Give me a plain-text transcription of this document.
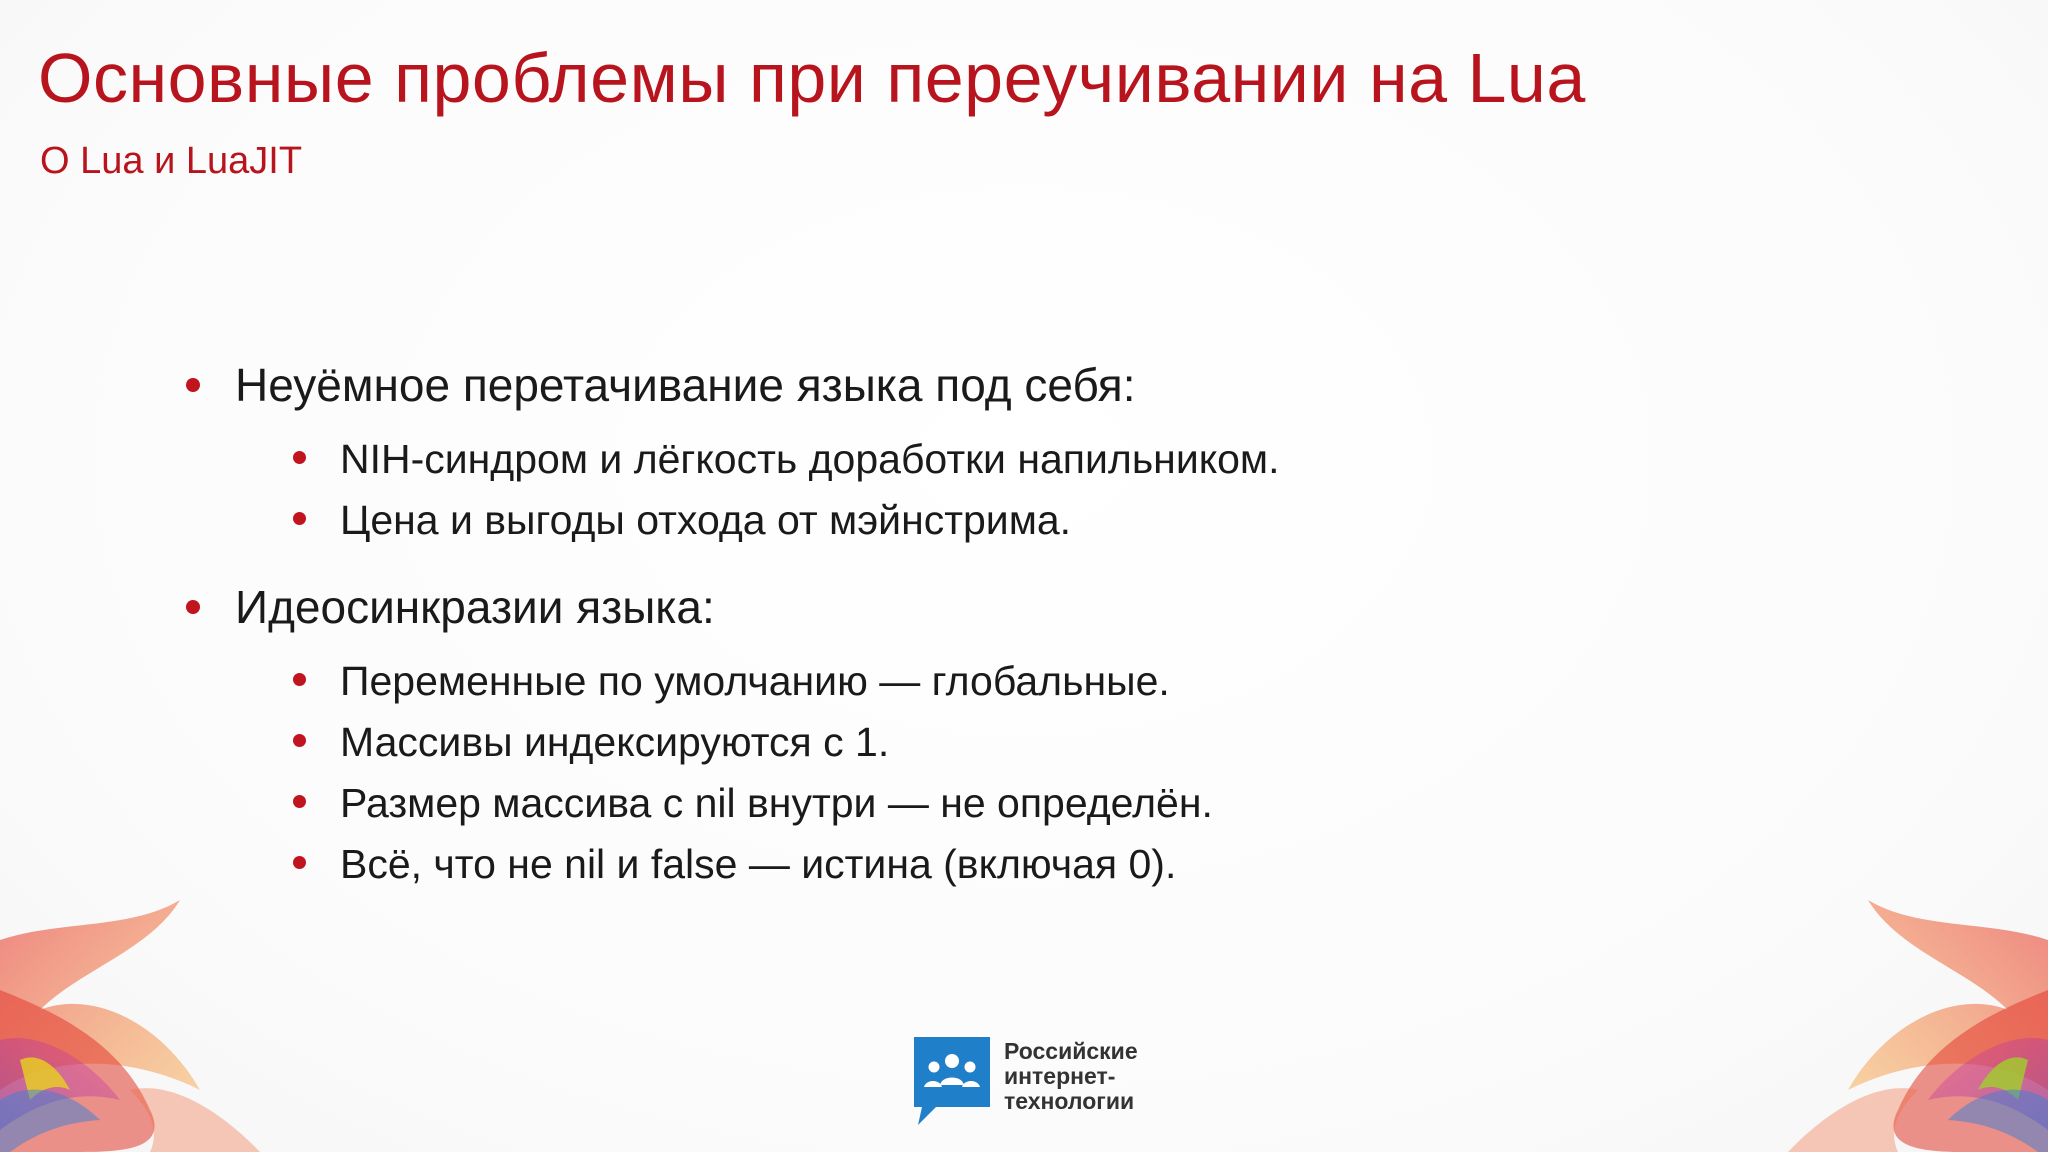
Основные проблемы при переучивании на Lua
О Lua и LuaJIT
Неуёмное перетачивание языка под себя:
NIH-синдром и лёгкость доработки напильником.
Цена и выгоды отхода от мэйнстрима.
Идеосинкразии языка:
Переменные по умолчанию — глобальные.
Массивы индексируются с 1.
Размер массива с nil внутри — не определён.
Всё, что не nil и false — истина (включая 0).
Российские
интернет-
технологии
